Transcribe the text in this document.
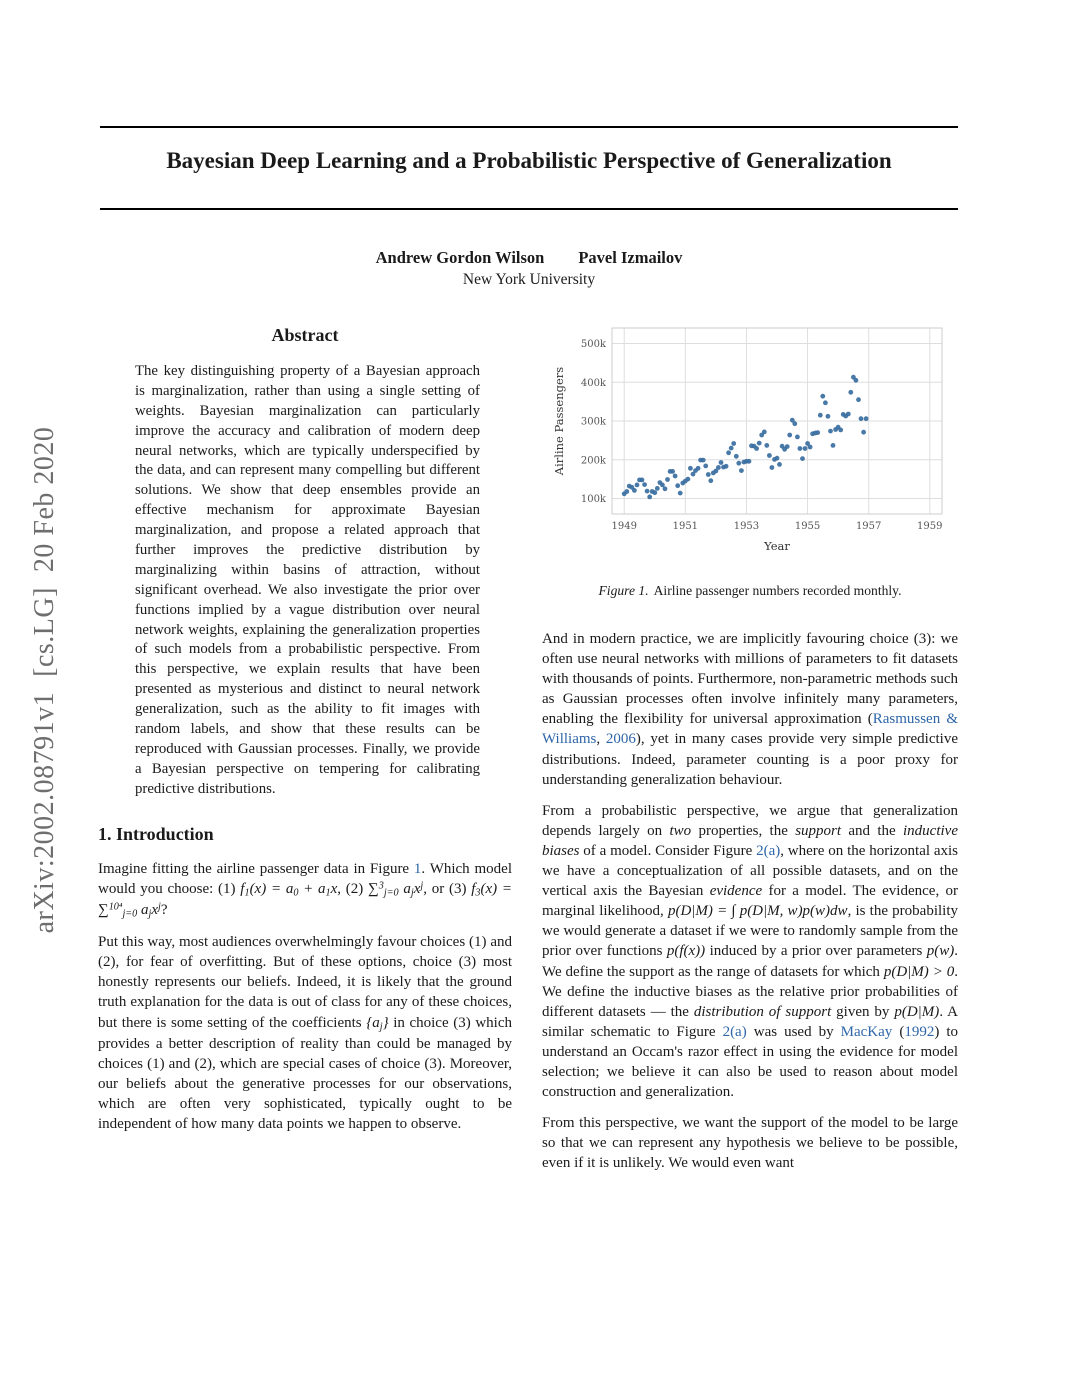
arXiv:2002.08791v1  [cs.LG]  20 Feb 2020
Bayesian Deep Learning and a Probabilistic Perspective of Generalization
Andrew Gordon Wilson Pavel Izmailov
New York University
Abstract

The key distinguishing property of a Bayesian approach is marginalization, rather than using a single setting of weights. Bayesian marginalization can particularly improve the accuracy and calibration of modern deep neural networks, which are typically underspecified by the data, and can represent many compelling but different solutions. We show that deep ensembles provide an effective mechanism for approximate Bayesian marginalization, and propose a related approach that further improves the predictive distribution by marginalizing within basins of attraction, without significant overhead. We also investigate the prior over functions implied by a vague distribution over neural network weights, explaining the generalization properties of such models from a probabilistic perspective. From this perspective, we explain results that have been presented as mysterious and distinct to neural network generalization, such as the ability to fit images with random labels, and show that these results can be reproduced with Gaussian processes. Finally, we provide a Bayesian perspective on tempering for calibrating predictive distributions.

1. Introduction

Imagine fitting the airline passenger data in Figure 1. Which model would you choose: (1) f1(x) = a0 + a1x, (2) ∑$^3$j=0 ajx$^j$, or (3) f3(x) = ∑$^{10^4}$j=0 ajx$^j$?

Put this way, most audiences overwhelmingly favour choices (1) and (2), for fear of overfitting. But of these options, choice (3) most honestly represents our beliefs. Indeed, it is likely that the ground truth explanation for the data is out of class for any of these choices, but there is some setting of the coefficients {aj} in choice (3) which provides a better description of reality than could be managed by choices (1) and (2), which are special cases of choice (3). Moreover, our beliefs about the generative processes for our observations, which are often very sophisticated, typically ought to be independent of how many data points we happen to observe.

1949	1951	1953	1955	1957	1959
100k
200k
300k
400k
500k
Year
Airline Passengers
Figure 1. Airline passenger numbers recorded monthly.

And in modern practice, we are implicitly favouring choice (3): we often use neural networks with millions of parameters to fit datasets with thousands of points. Furthermore, non-parametric methods such as Gaussian processes often involve infinitely many parameters, enabling the flexibility for universal approximation (Rasmussen & Williams, 2006), yet in many cases provide very simple predictive distributions. Indeed, parameter counting is a poor proxy for understanding generalization behaviour.

From a probabilistic perspective, we argue that generalization depends largely on two properties, the support and the inductive biases of a model. Consider Figure 2(a), where on the horizontal axis we have a conceptualization of all possible datasets, and on the vertical axis the Bayesian evidence for a model. The evidence, or marginal likelihood, p(D|M) = ∫ p(D|M, w)p(w)dw, is the probability we would generate a dataset if we were to randomly sample from the prior over functions p(f(x)) induced by a prior over parameters p(w). We define the support as the range of datasets for which p(D|M) > 0. We define the inductive biases as the relative prior probabilities of different datasets — the distribution of support given by p(D|M). A similar schematic to Figure 2(a) was used by MacKay (1992) to understand an Occam's razor effect in using the evidence for model selection; we believe it can also be used to reason about model construction and generalization.

From this perspective, we want the support of the model to be large so that we can represent any hypothesis we believe to be possible, even if it is unlikely. We would even want
